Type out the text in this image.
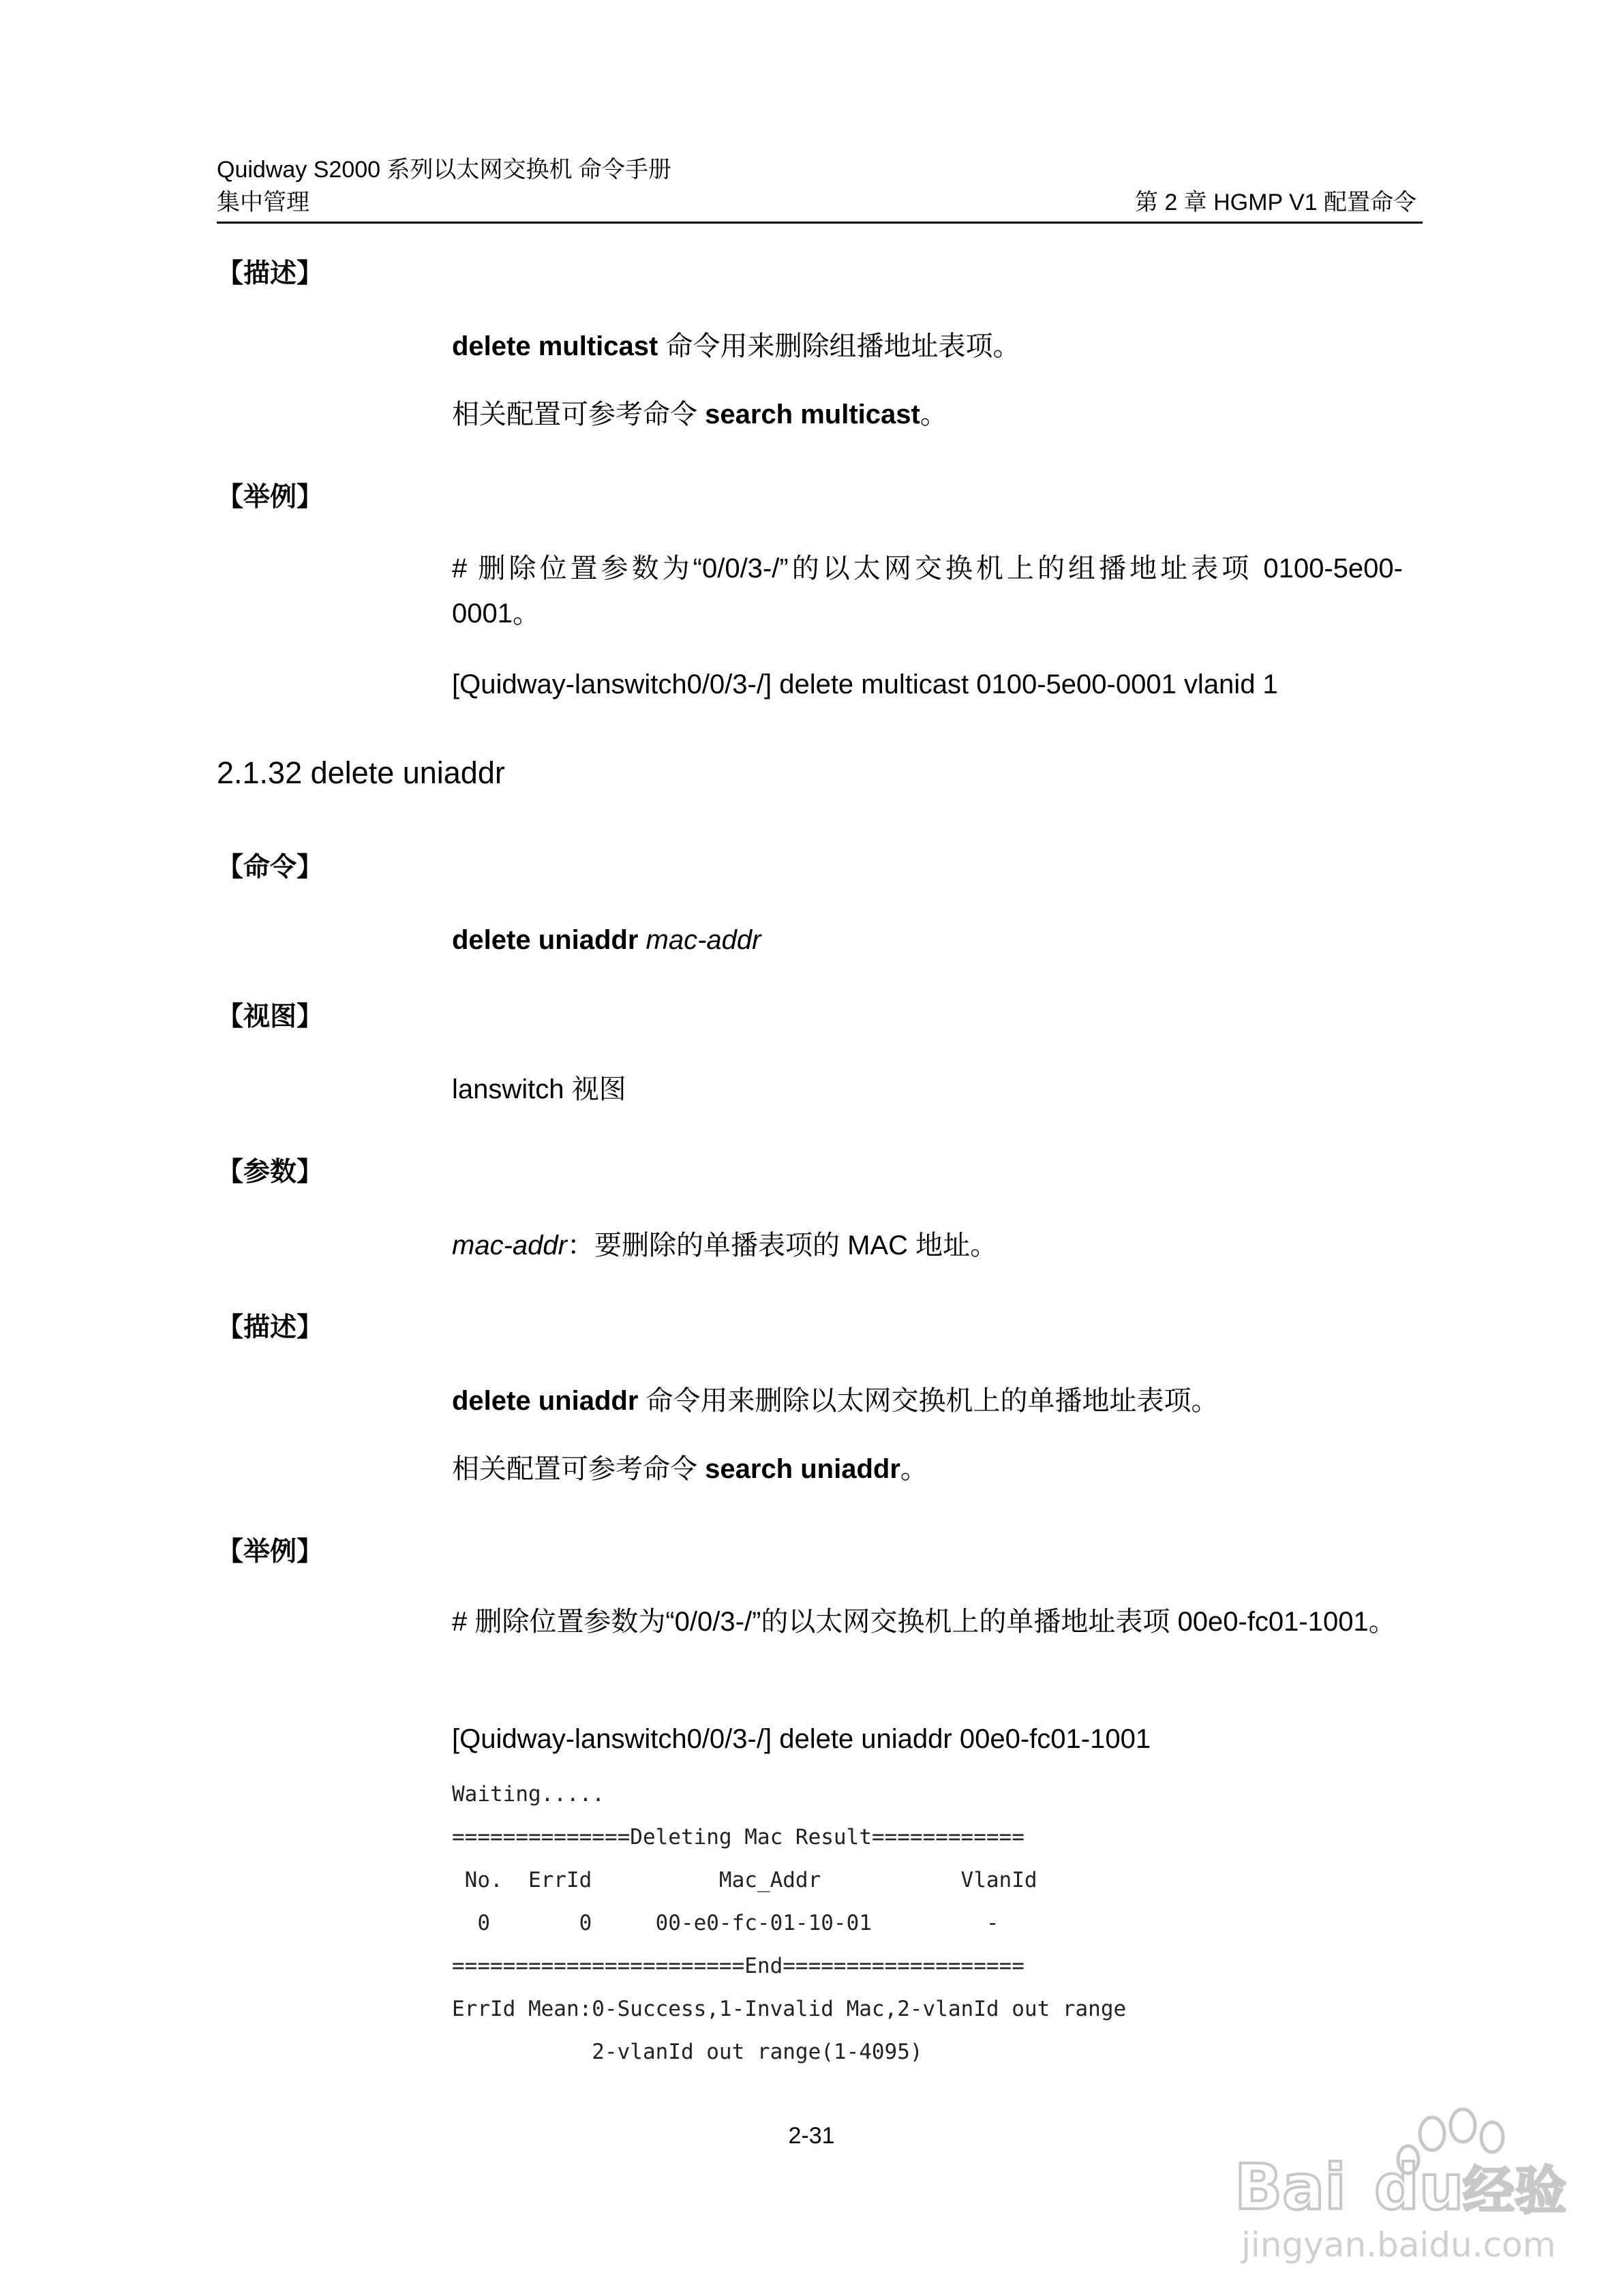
Quidway S2000 系列以太网交换机 命令手册
集中管理	第 2 章 HGMP V1 配置命令
【描述】
delete multicast 命令用来删除组播地址表项。
相关配置可参考命令 search multicast。
【举例】
# 删除位置参数为“0/0/3-/”的以太网交换机上的组播地址表项 0100-5e00-0001。
[Quidway-lanswitch0/0/3-/] delete multicast 0100-5e00-0001 vlanid 1
2.1.32 delete uniaddr
【命令】
delete uniaddr mac-addr
【视图】
lanswitch 视图
【参数】
mac-addr：要删除的单播表项的 MAC 地址。
【描述】
delete uniaddr 命令用来删除以太网交换机上的单播地址表项。
相关配置可参考命令 search uniaddr。
【举例】
# 删除位置参数为“0/0/3-/”的以太网交换机上的单播地址表项 00e0-fc01-1001。
[Quidway-lanswitch0/0/3-/] delete uniaddr 00e0-fc01-1001
Waiting.....
==============Deleting Mac Result============
No.  ErrId          Mac_Addr           VlanId
0       0     00-e0-fc-01-10-01         -
=======================End===================
ErrId Mean:0-Success,1-Invalid Mac,2-vlanId out range
2-vlanId out range(1-4095)
2-31
Bai du
经验
jingyan.baidu.com
